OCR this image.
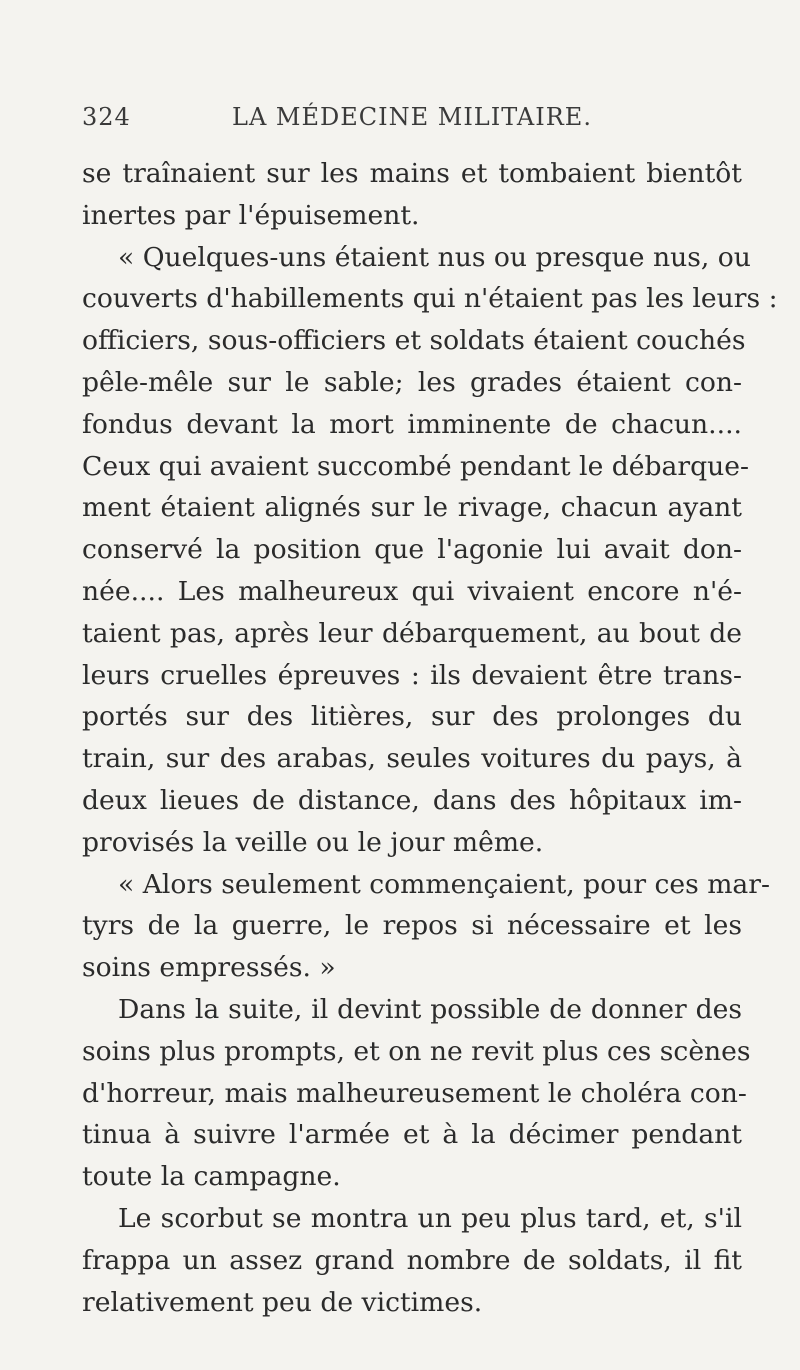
324	LA MÉDECINE MILITAIRE.
se traînaient sur les mains et tombaient bientôt
inertes par l'épuisement.
« Quelques-uns étaient nus ou presque nus, ou
couverts d'habillements qui n'étaient pas les leurs :
officiers, sous-officiers et soldats étaient couchés
pêle-mêle sur le sable; les grades étaient con-
fondus devant la mort imminente de chacun....
Ceux qui avaient succombé pendant le débarque-
ment étaient alignés sur le rivage, chacun ayant
conservé la position que l'agonie lui avait don-
née.... Les malheureux qui vivaient encore n'é-
taient pas, après leur débarquement, au bout de
leurs cruelles épreuves : ils devaient être trans-
portés sur des litières, sur des prolonges du
train, sur des arabas, seules voitures du pays, à
deux lieues de distance, dans des hôpitaux im-
provisés la veille ou le jour même.
« Alors seulement commençaient, pour ces mar-
tyrs de la guerre, le repos si nécessaire et les
soins empressés. »
Dans la suite, il devint possible de donner des
soins plus prompts, et on ne revit plus ces scènes
d'horreur, mais malheureusement le choléra con-
tinua à suivre l'armée et à la décimer pendant
toute la campagne.
Le scorbut se montra un peu plus tard, et, s'il
frappa un assez grand nombre de soldats, il fit
relativement peu de victimes.
